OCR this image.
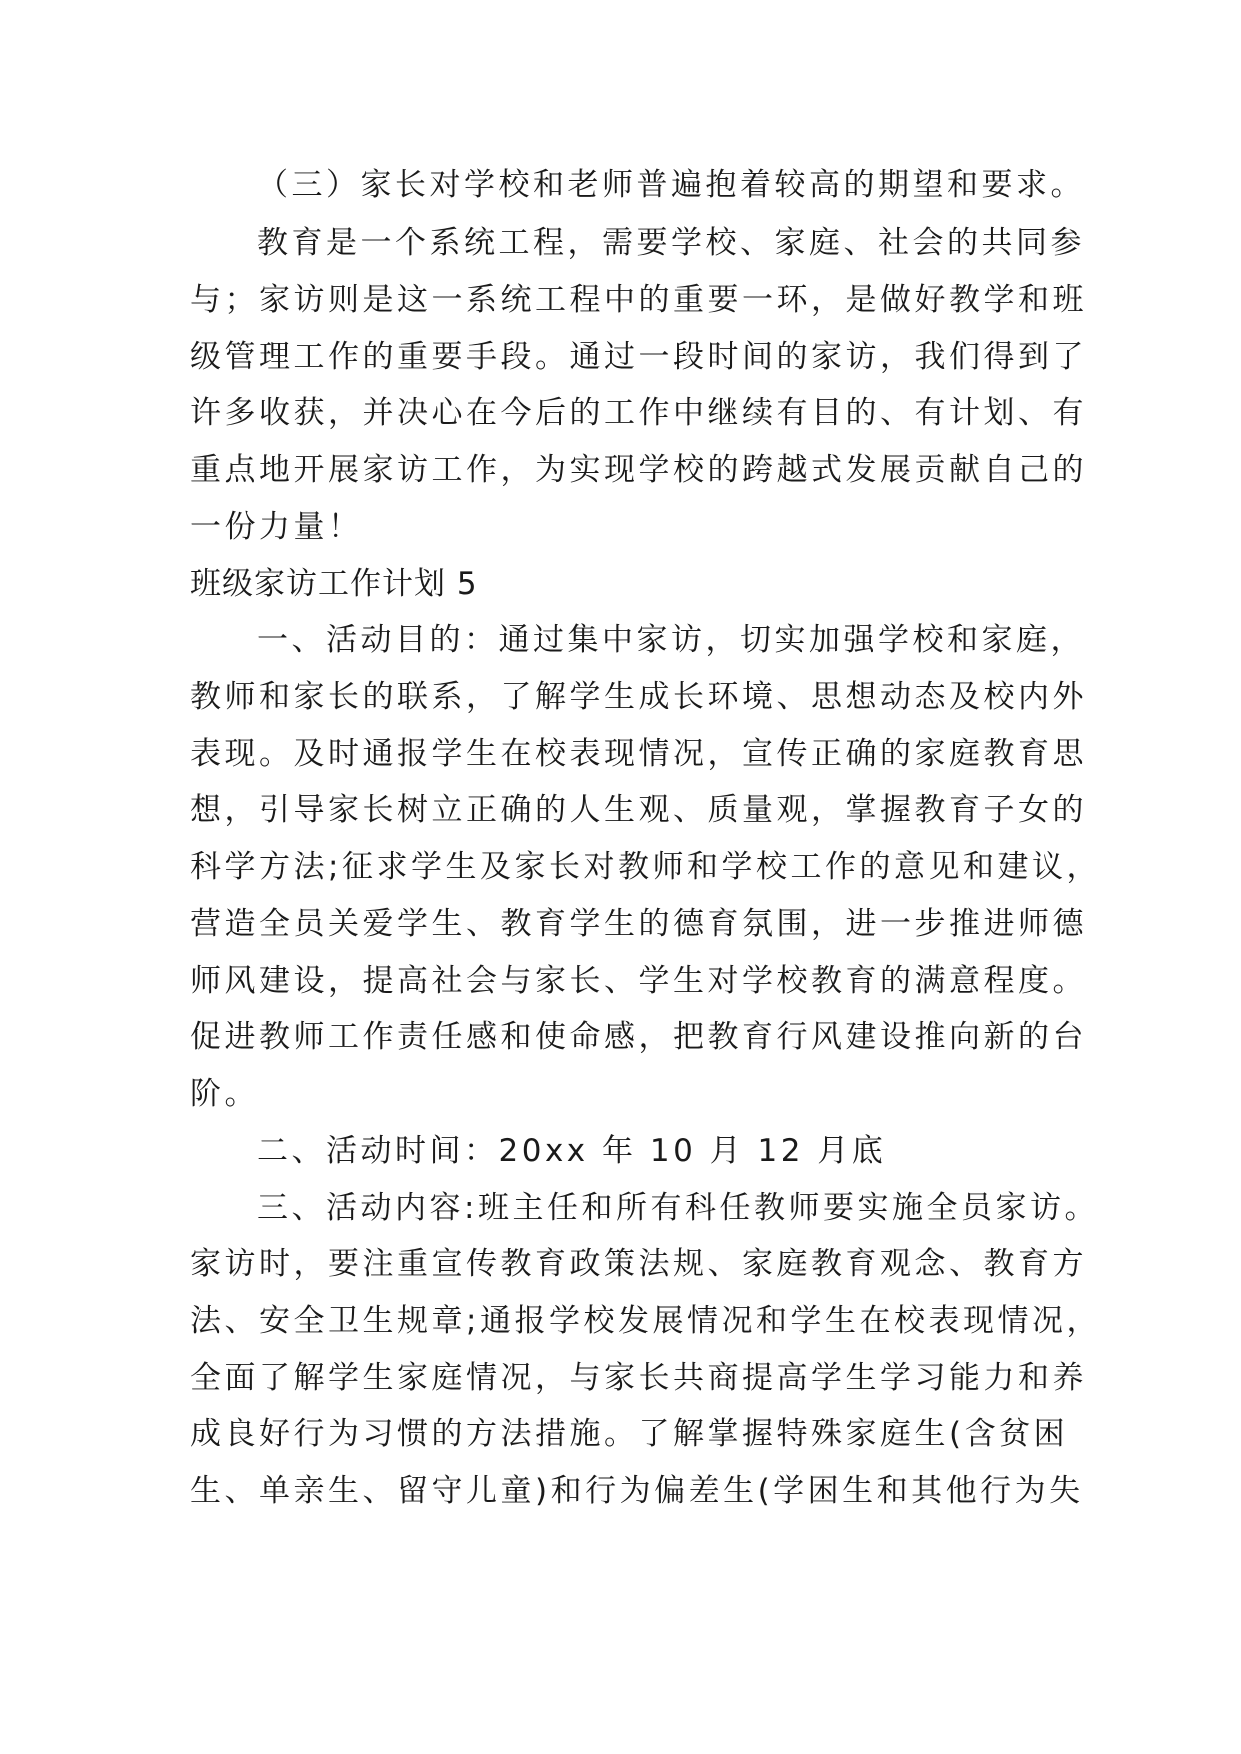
（三）家长对学校和老师普遍抱着较高的期望和要求。
教育是一个系统工程，需要学校、家庭、社会的共同参
与；家访则是这一系统工程中的重要一环，是做好教学和班
级管理工作的重要手段。通过一段时间的家访，我们得到了
许多收获，并决心在今后的工作中继续有目的、有计划、有
重点地开展家访工作，为实现学校的跨越式发展贡献自己的
一份力量！
班级家访工作计划 5
一、活动目的：通过集中家访，切实加强学校和家庭，
教师和家长的联系，了解学生成长环境、思想动态及校内外
表现。及时通报学生在校表现情况，宣传正确的家庭教育思
想，引导家长树立正确的人生观、质量观，掌握教育子女的
科学方法;征求学生及家长对教师和学校工作的意见和建议，
营造全员关爱学生、教育学生的德育氛围，进一步推进师德
师风建设，提高社会与家长、学生对学校教育的满意程度。
促进教师工作责任感和使命感，把教育行风建设推向新的台
阶。
二、活动时间：20xx 年 10 月 12 月底
三、活动内容:班主任和所有科任教师要实施全员家访。
家访时，要注重宣传教育政策法规、家庭教育观念、教育方
法、安全卫生规章;通报学校发展情况和学生在校表现情况，
全面了解学生家庭情况，与家长共商提高学生学习能力和养
成良好行为习惯的方法措施。了解掌握特殊家庭生(含贫困
生、单亲生、留守儿童)和行为偏差生(学困生和其他行为失
